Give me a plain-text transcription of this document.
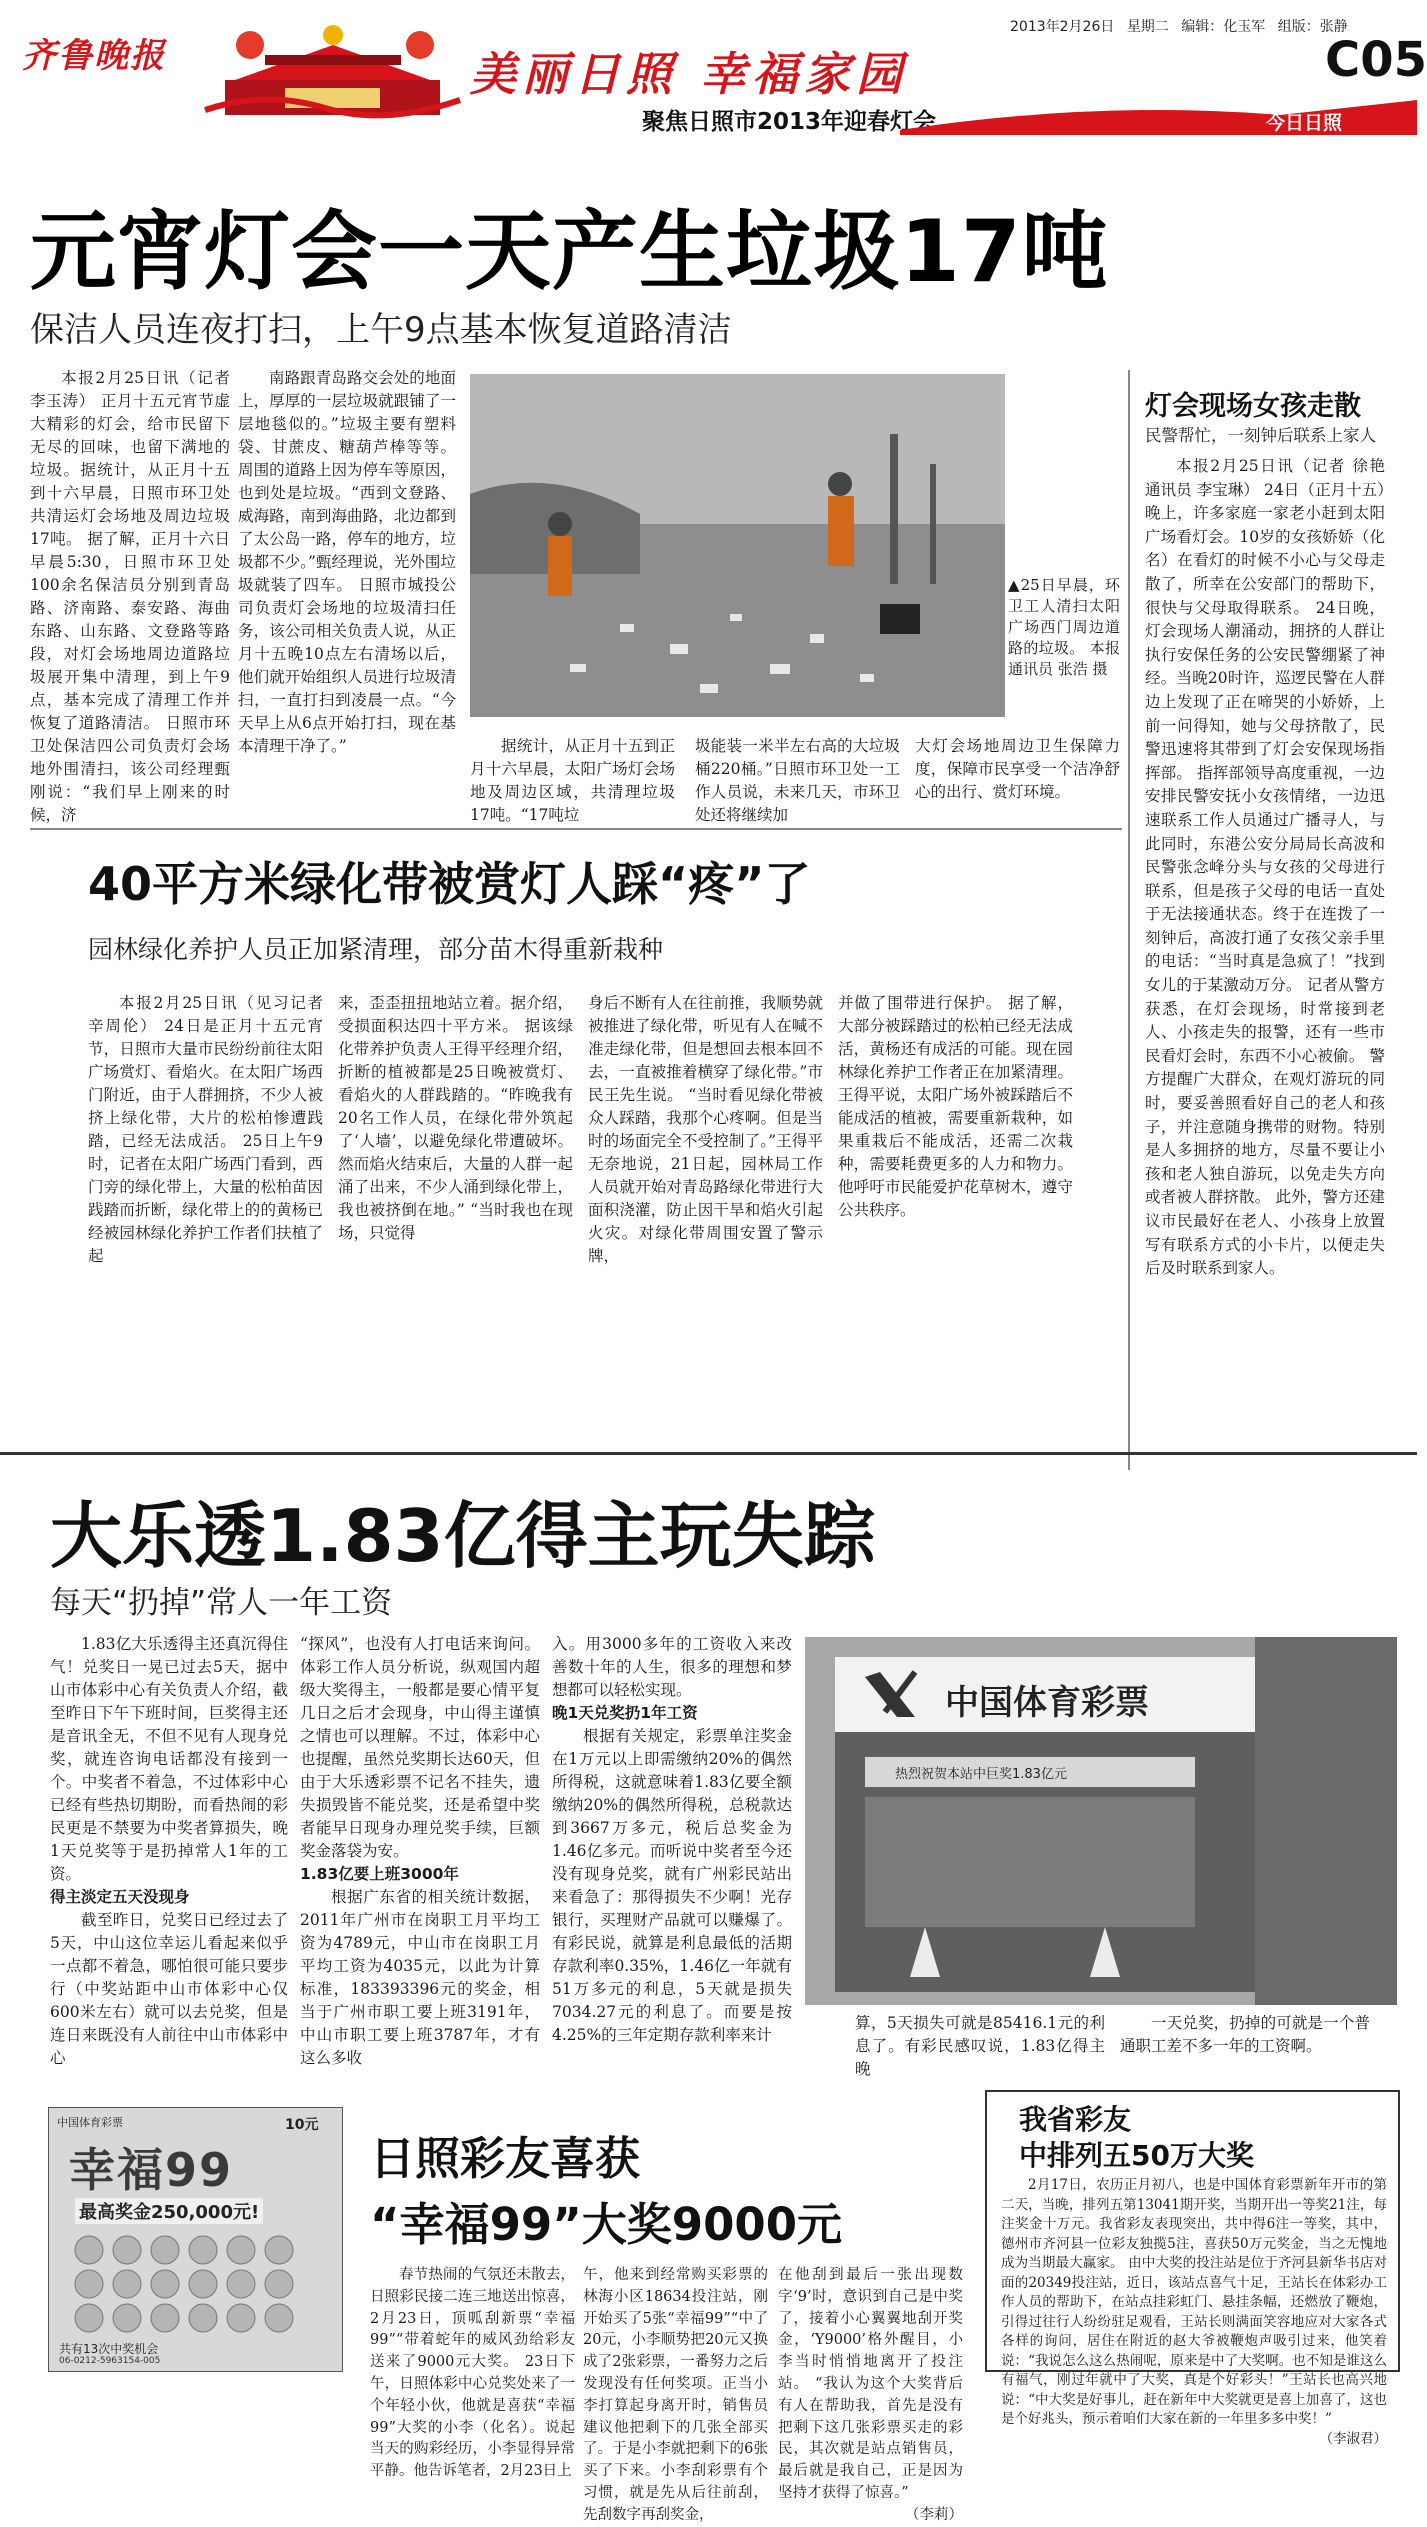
齐鲁晚报	美丽日照 幸福家园
聚焦日照市2013年迎春灯会
2013年2月26日 星期二 编辑：化玉军 组版：张静
C05
今日日照
元宵灯会一天产生垃圾17吨
保洁人员连夜打扫，上午9点基本恢复道路清洁

本报2月25日讯（记者 李玉涛） 正月十五元宵节虚大精彩的灯会，给市民留下无尽的回味，也留下满地的垃圾。据统计，从正月十五到十六早晨，日照市环卫处共清运灯会场地及周边垃圾17吨。 据了解，正月十六日早晨5:30，日照市环卫处100余名保洁员分别到青岛路、济南路、泰安路、海曲东路、山东路、文登路等路段，对灯会场地周边道路垃圾展开集中清理，到上午9点，基本完成了清理工作并恢复了道路清洁。 日照市环卫处保洁四公司负责灯会场地外围清扫，该公司经理甄刚说：“我们早上刚来的时候，济

南路跟青岛路交会处的地面上，厚厚的一层垃圾就跟铺了一层地毯似的。”垃圾主要有塑料袋、甘蔗皮、糖葫芦棒等等。 周围的道路上因为停车等原因，也到处是垃圾。“西到文登路、威海路，南到海曲路，北边都到了太公岛一路，停车的地方，垃圾都不少。”甄经理说，光外围垃圾就装了四车。 日照市城投公司负责灯会场地的垃圾清扫任务，该公司相关负责人说，从正月十五晚10点左右清场以后，他们就开始组织人员进行垃圾清扫，一直打扫到凌晨一点。“今天早上从6点开始打扫，现在基本清理干净了。”

▲25日早晨，环卫工人清扫太阳广场西门周边道路的垃圾。 本报通讯员 张浩 摄

据统计，从正月十五到正月十六早晨，太阳广场灯会场地及周边区域，共清理垃圾17吨。“17吨垃

圾能装一米半左右高的大垃圾桶220桶。”日照市环卫处一工作人员说，未来几天，市环卫处还将继续加

大灯会场地周边卫生保障力度，保障市民享受一个洁净舒心的出行、赏灯环境。

灯会现场女孩走散
民警帮忙，一刻钟后联系上家人

本报2月25日讯（记者 徐艳 通讯员 李宝琳） 24日（正月十五）晚上，许多家庭一家老小赶到太阳广场看灯会。10岁的女孩娇娇（化名）在看灯的时候不小心与父母走散了，所幸在公安部门的帮助下，很快与父母取得联系。 24日晚，灯会现场人潮涌动，拥挤的人群让执行安保任务的公安民警绷紧了神经。当晚20时许，巡逻民警在人群边上发现了正在啼哭的小娇娇，上前一问得知，她与父母挤散了，民警迅速将其带到了灯会安保现场指挥部。 指挥部领导高度重视，一边安排民警安抚小女孩情绪，一边迅速联系工作人员通过广播寻人，与此同时，东港公安分局局长高波和民警张念峰分头与女孩的父母进行联系，但是孩子父母的电话一直处于无法接通状态。终于在连拨了一刻钟后，高波打通了女孩父亲手里的电话：“当时真是急疯了！”找到女儿的于某激动万分。 记者从警方获悉，在灯会现场，时常接到老人、小孩走失的报警，还有一些市民看灯会时，东西不小心被偷。 警方提醒广大群众，在观灯游玩的同时，要妥善照看好自己的老人和孩子，并注意随身携带的财物。特别是人多拥挤的地方，尽量不要让小孩和老人独自游玩，以免走失方向或者被人群挤散。 此外，警方还建议市民最好在老人、小孩身上放置写有联系方式的小卡片，以便走失后及时联系到家人。

40平方米绿化带被赏灯人踩“疼”了
园林绿化养护人员正加紧清理，部分苗木得重新栽种

本报2月25日讯（见习记者 辛周伦） 24日是正月十五元宵节，日照市大量市民纷纷前往太阳广场赏灯、看焰火。在太阳广场西门附近，由于人群拥挤，不少人被挤上绿化带，大片的松柏惨遭践踏，已经无法成活。 25日上午9时，记者在太阳广场西门看到，西门旁的绿化带上，大量的松柏苗因践踏而折断，绿化带上的的黄杨已经被园林绿化养护工作者们扶植了起

来，歪歪扭扭地站立着。据介绍，受损面积达四十平方米。 据该绿化带养护负责人王得平经理介绍，折断的植被都是25日晚被赏灯、看焰火的人群践踏的。“昨晚我有20名工作人员，在绿化带外筑起了‘人墙’，以避免绿化带遭破坏。然而焰火结束后，大量的人群一起涌了出来，不少人涌到绿化带上，我也被挤倒在地。” “当时我也在现场，只觉得

身后不断有人在往前推，我顺势就被推进了绿化带，听见有人在喊不准走绿化带，但是想回去根本回不去，一直被推着横穿了绿化带。”市民王先生说。 “当时看见绿化带被众人踩踏，我那个心疼啊。但是当时的场面完全不受控制了。”王得平无奈地说，21日起，园林局工作人员就开始对青岛路绿化带进行大面积浇灌，防止因干旱和焰火引起火灾。对绿化带周围安置了警示牌，

并做了围带进行保护。 据了解，大部分被踩踏过的松柏已经无法成活，黄杨还有成活的可能。现在园林绿化养护工作者正在加紧清理。 王得平说，太阳广场外被踩踏后不能成活的植被，需要重新栽种，如果重栽后不能成活，还需二次栽种，需要耗费更多的人力和物力。他呼吁市民能爱护花草树木，遵守公共秩序。

大乐透1.83亿得主玩失踪
每天“扔掉”常人一年工资

1.83亿大乐透得主还真沉得住气！兑奖日一晃已过去5天，据中山市体彩中心有关负责人介绍，截至昨日下午下班时间，巨奖得主还是音讯全无，不但不见有人现身兑奖，就连咨询电话都没有接到一个。中奖者不着急，不过体彩中心已经有些热切期盼，而看热闹的彩民更是不禁要为中奖者算损失，晚1天兑奖等于是扔掉常人1年的工资。

得主淡定五天没现身

截至昨日，兑奖日已经过去了5天，中山这位幸运儿看起来似乎一点都不着急，哪怕很可能只要步行（中奖站距中山市体彩中心仅600米左右）就可以去兑奖，但是连日来既没有人前往中山市体彩中心

“探风”，也没有人打电话来询问。体彩工作人员分析说，纵观国内超级大奖得主，一般都是要心情平复几日之后才会现身，中山得主谨慎之情也可以理解。不过，体彩中心也提醒，虽然兑奖期长达60天，但由于大乐透彩票不记名不挂失，遗失损毁皆不能兑奖，还是希望中奖者能早日现身办理兑奖手续，巨额奖金落袋为安。

1.83亿要上班3000年

根据广东省的相关统计数据，2011年广州市在岗职工月平均工资为4789元，中山市在岗职工月平均工资为4035元，以此为计算标准，183393396元的奖金，相当于广州市职工要上班3191年，中山市职工要上班3787年，才有这么多收

入。用3000多年的工资收入来改善数十年的人生，很多的理想和梦想都可以轻松实现。

晚1天兑奖扔1年工资

根据有关规定，彩票单注奖金在1万元以上即需缴纳20%的偶然所得税，这就意味着1.83亿要全额缴纳20%的偶然所得税，总税款达到3667万多元，税后总奖金为1.46亿多元。而听说中奖者至今还没有现身兑奖，就有广州彩民站出来看急了：那得损失不少啊！光存银行，买理财产品就可以赚爆了。 有彩民说，就算是利息最低的活期存款利率0.35%，1.46亿一年就有51万多元的利息，5天就是损失7034.27元的利息了。而要是按4.25%的三年定期存款利率来计

中国体育彩票
热烈祝贺本站中巨奖1.83亿元

算，5天损失可就是85416.1元的利息了。有彩民感叹说，1.83亿得主晚

一天兑奖，扔掉的可就是一个普通职工差不多一年的工资啊。

中国体育彩票	10元
幸福99
最高奖金250,000元!
共有13次中奖机会
06-0212-5963154-005
日照彩友喜获
“幸福99”大奖9000元

春节热闹的气氛还未散去，日照彩民接二连三地送出惊喜，2月23日，顶呱刮新票“幸福99”“带着蛇年的威风劲给彩友送来了9000元大奖。 23日下午，日照体彩中心兑奖处来了一个年轻小伙，他就是喜获“幸福99”大奖的小李（化名）。说起当天的购彩经历，小李显得异常平静。他告诉笔者，2月23日上

午，他来到经常购买彩票的林海小区18634投注站，刚开始买了5张“幸福99”“中了20元，小李顺势把20元又换成了2张彩票，一番努力之后发现没有任何奖项。正当小李打算起身离开时，销售员建议他把剩下的几张全部买了。于是小李就把剩下的6张买了下来。小李刮彩票有个习惯，就是先从后往前刮，先刮数字再刮奖金，

在他刮到最后一张出现数字‘9’时，意识到自己是中奖了，接着小心翼翼地刮开奖金，‘Y9000’格外醒目，小李当时悄悄地离开了投注站。 “我认为这个大奖背后有人在帮助我，首先是没有把剩下这几张彩票买走的彩民，其次就是站点销售员，最后就是我自己，正是因为坚持才获得了惊喜。”

（李莉）

我省彩友
中排列五50万大奖

2月17日，农历正月初八，也是中国体育彩票新年开市的第二天，当晚，排列五第13041期开奖，当期开出一等奖21注，每注奖金十万元。我省彩友表现突出，共中得6注一等奖，其中，德州市齐河县一位彩友独揽5注，喜获50万元奖金，当之无愧地成为当期最大赢家。 由中大奖的投注站是位于齐河县新华书店对面的20349投注站，近日，该站点喜气十足，王站长在体彩办工作人员的帮助下，在站点挂彩虹门、悬挂条幅，还燃放了鞭炮，引得过往行人纷纷驻足观看，王站长则满面笑容地应对大家各式各样的询问，居住在附近的赵大爷被鞭炮声吸引过来，他笑着说：“我说怎么这么热闹呢，原来是中了大奖啊。也不知是谁这么有福气，刚过年就中了大奖，真是个好彩头！”王站长也高兴地说：“中大奖是好事儿，赶在新年中大奖就更是喜上加喜了，这也是个好兆头，预示着咱们大家在新的一年里多多中奖！”

（李淑君）
